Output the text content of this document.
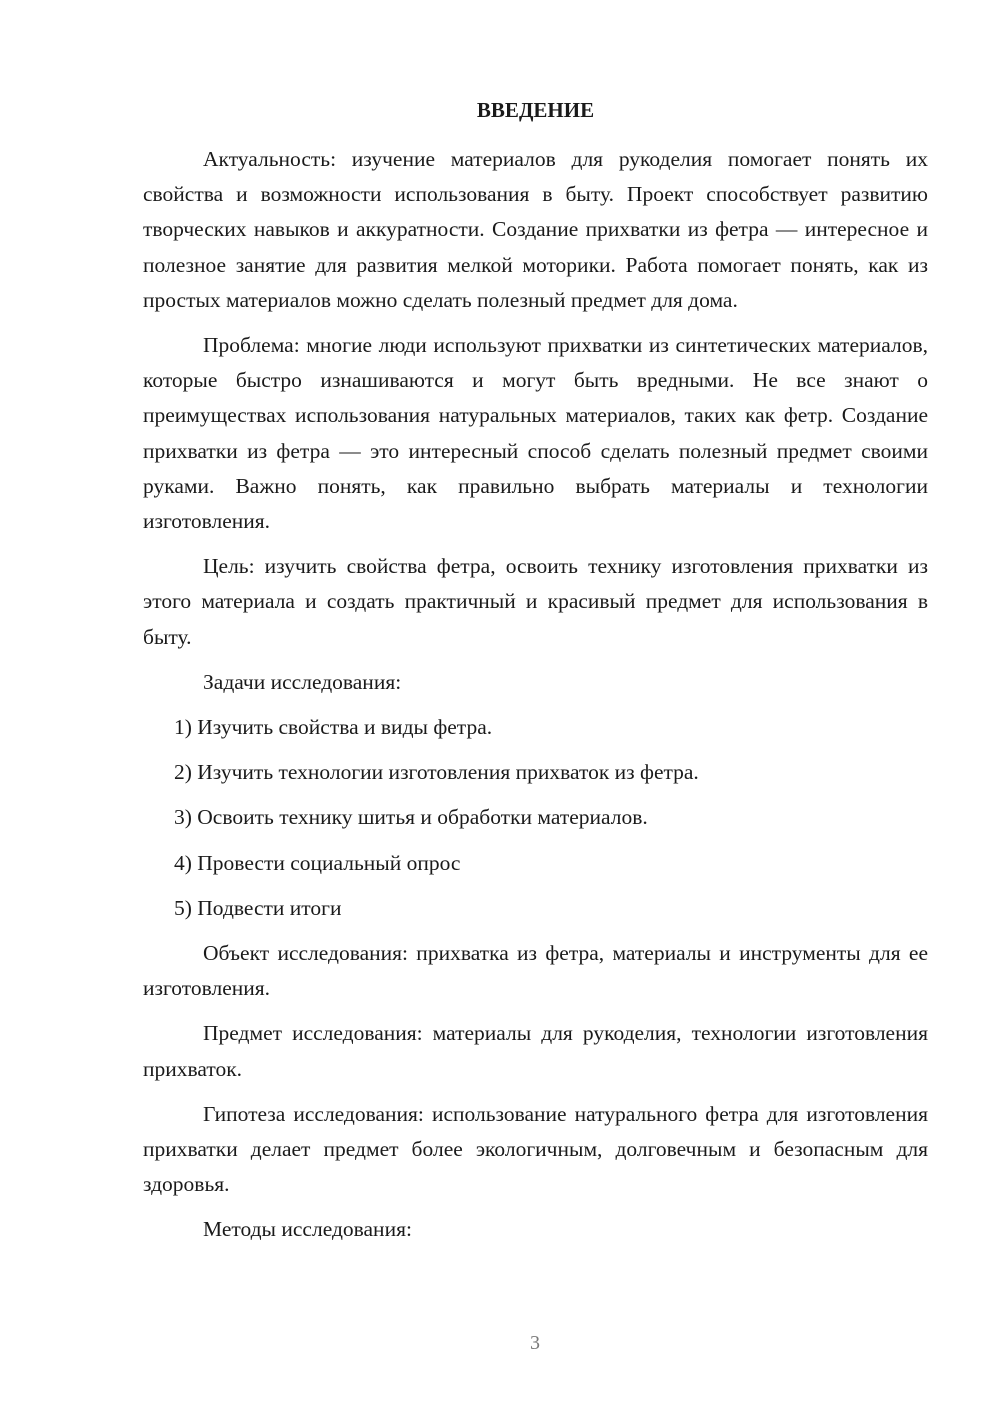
ВВЕДЕНИЕ

Актуальность: изучение материалов для рукоделия помогает понять их свойства и возможности использования в быту. Проект способствует развитию творческих навыков и аккуратности. Создание прихватки из фетра — интересное и полезное занятие для развития мелкой моторики. Работа помогает понять, как из простых материалов можно сделать полезный предмет для дома.

Проблема: многие люди используют прихватки из синтетических материалов, которые быстро изнашиваются и могут быть вредными. Не все знают о преимуществах использования натуральных материалов, таких как фетр. Создание прихватки из фетра — это интересный способ сделать полезный предмет своими руками. Важно понять, как правильно выбрать материалы и технологии изготовления.

Цель: изучить свойства фетра, освоить технику изготовления прихватки из этого материала и создать практичный и красивый предмет для использования в быту.

Задачи исследования:

1) Изучить свойства и виды фетра.
2) Изучить технологии изготовления прихваток из фетра.
3) Освоить технику шитья и обработки материалов.
4) Провести социальный опрос
5) Подвести итоги

Объект исследования: прихватка из фетра, материалы и инструменты для ее изготовления.

Предмет исследования: материалы для рукоделия, технологии изготовления прихваток.

Гипотеза исследования: использование натурального фетра для изготовления прихватки делает предмет более экологичным, долговечным и безопасным для здоровья.

Методы исследования:

3
